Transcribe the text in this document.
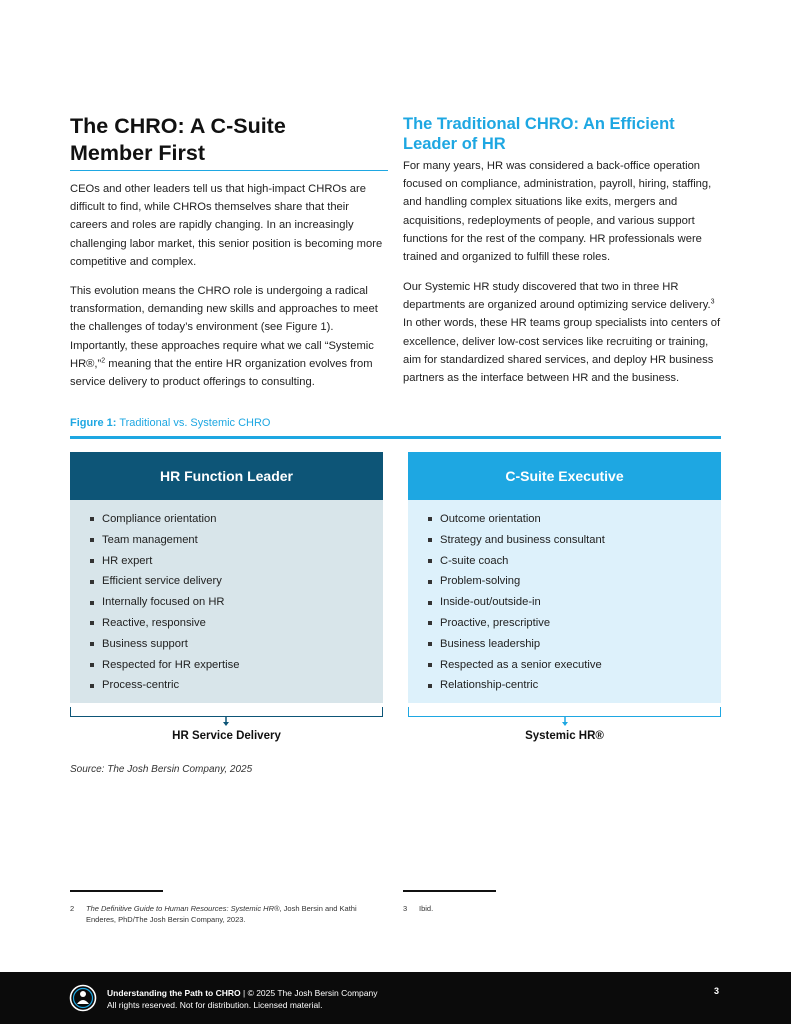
The CHRO: A C-Suite Member First

CEOs and other leaders tell us that high-impact CHROs are difficult to find, while CHROs themselves share that their careers and roles are rapidly changing. In an increasingly challenging labor market, this senior position is becoming more competitive and complex.

This evolution means the CHRO role is undergoing a radical transformation, demanding new skills and approaches to meet the challenges of today’s environment (see Figure 1). Importantly, these approaches require what we call “Systemic HR®,”$^2$ meaning that the entire HR organization evolves from service delivery to product offerings to consulting.

The Traditional CHRO: An Efficient Leader of HR

For many years, HR was considered a back-office operation focused on compliance, administration, payroll, hiring, staffing, and handling complex situations like exits, mergers and acquisitions, redeployments of people, and various support functions for the rest of the company. HR professionals were trained and organized to fulfill these roles.

Our Systemic HR study discovered that two in three HR departments are organized around optimizing service delivery.$^3$ In other words, these HR teams group specialists into centers of excellence, deliver low-cost services like recruiting or training, aim for standardized shared services, and deploy HR business partners as the interface between HR and the business.

Figure 1: Traditional vs. Systemic CHRO
HR Function Leader
Compliance orientation
Team management
HR expert
Efficient service delivery
Internally focused on HR
Reactive, responsive
Business support
Respected for HR expertise
Process-centric
C-Suite Executive
Outcome orientation
Strategy and business consultant
C-suite coach
Problem-solving
Inside-out/outside-in
Proactive, prescriptive
Business leadership
Respected as a senior executive
Relationship-centric
HR Service Delivery	Systemic HR®
Source: The Josh Bersin Company, 2025
2	The Definitive Guide to Human Resources: Systemic HR®, Josh Bersin and Kathi Enderes, PhD/The Josh Bersin Company, 2023.
3	Ibid.
Understanding the Path to CHRO | © 2025 The Josh Bersin Company
All rights reserved. Not for distribution. Licensed material.
3
